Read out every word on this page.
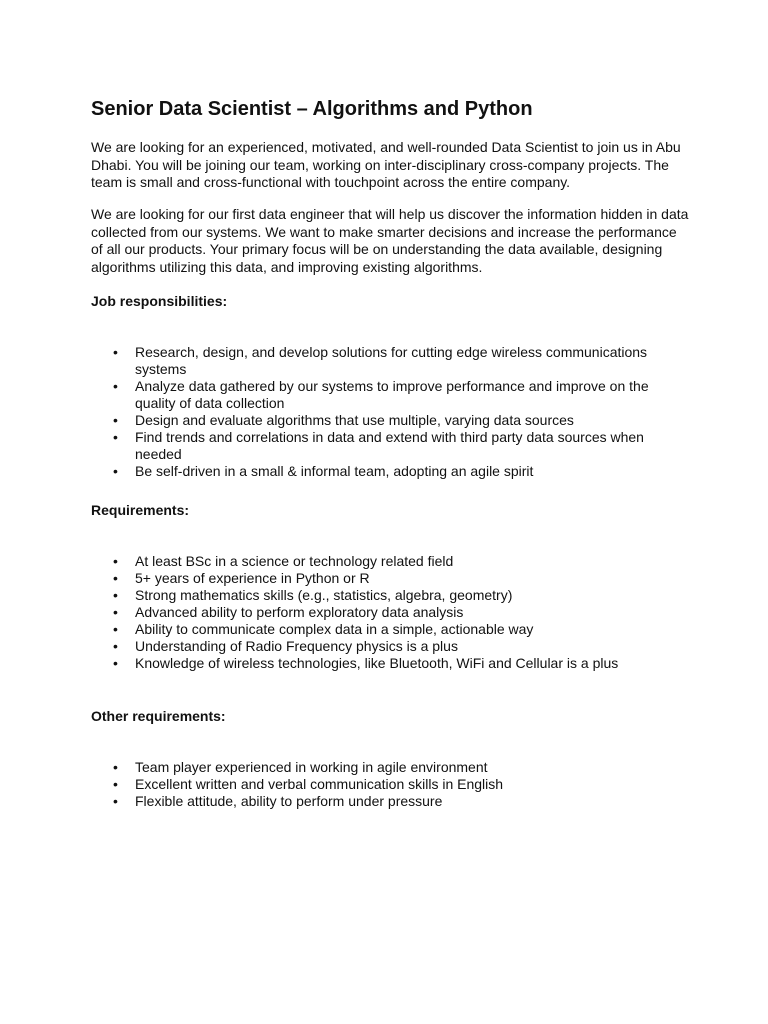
Senior Data Scientist – Algorithms and Python

We are looking for an experienced, motivated, and well-rounded Data Scientist to join us in Abu Dhabi. You will be joining our team, working on inter-disciplinary cross-company projects. The team is small and cross-functional with touchpoint across the entire company.

We are looking for our first data engineer that will help us discover the information hidden in data collected from our systems. We want to make smarter decisions and increase the performance of all our products. Your primary focus will be on understanding the data available, designing algorithms utilizing this data, and improving existing algorithms.

Job responsibilities:
•	Research, design, and develop solutions for cutting edge wireless communications systems
•	Analyze data gathered by our systems to improve performance and improve on the quality of data collection
•	Design and evaluate algorithms that use multiple, varying data sources
•	Find trends and correlations in data and extend with third party data sources when needed
•	Be self-driven in a small & informal team, adopting an agile spirit
Requirements:
•	At least BSc in a science or technology related field
•	5+ years of experience in Python or R
•	Strong mathematics skills (e.g., statistics, algebra, geometry)
•	Advanced ability to perform exploratory data analysis
•	Ability to communicate complex data in a simple, actionable way
•	Understanding of Radio Frequency physics is a plus
•	Knowledge of wireless technologies, like Bluetooth, WiFi and Cellular is a plus
Other requirements:
•	Team player experienced in working in agile environment
•	Excellent written and verbal communication skills in English
•	Flexible attitude, ability to perform under pressure
